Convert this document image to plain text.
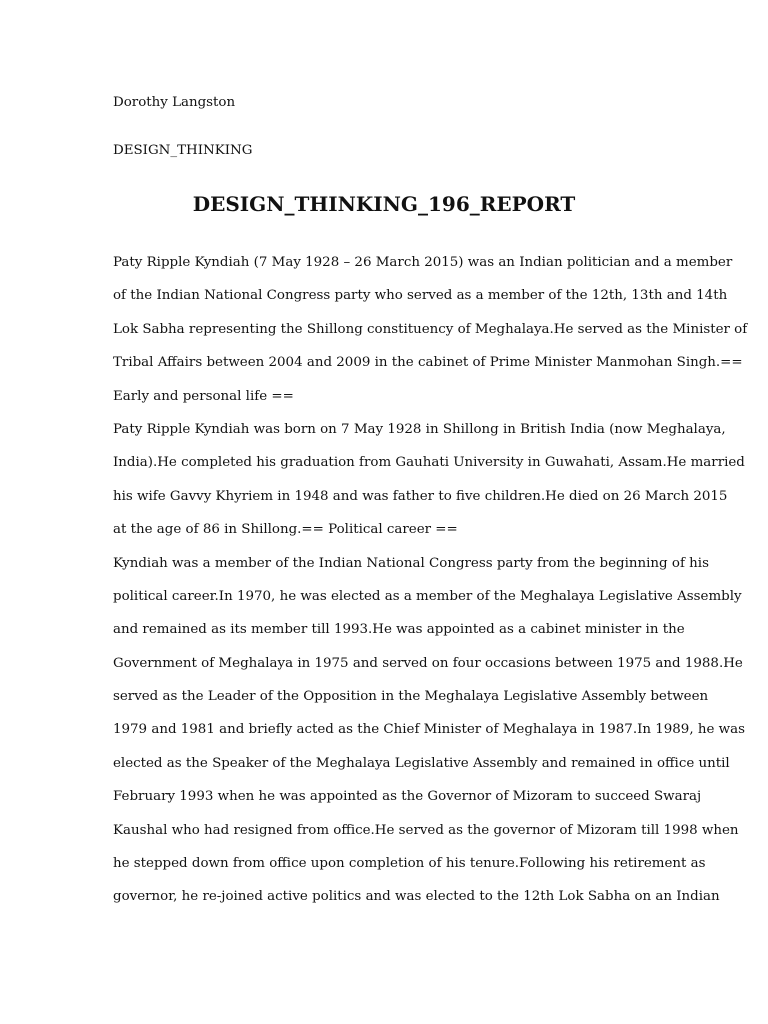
Dorothy Langston

DESIGN_THINKING

DESIGN_THINKING_196_REPORT
Paty Ripple Kyndiah (7 May 1928 – 26 March 2015) was an Indian politician and a member
of the Indian National Congress party who served as a member of the 12th, 13th and 14th
Lok Sabha representing the Shillong constituency of Meghalaya.He served as the Minister of
Tribal Affairs between 2004 and 2009 in the cabinet of Prime Minister Manmohan Singh.==
Early and personal life ==
Paty Ripple Kyndiah was born on 7 May 1928 in Shillong in British India (now Meghalaya,
India).He completed his graduation from Gauhati University in Guwahati, Assam.He married
his wife Gavvy Khyriem in 1948 and was father to five children.He died on 26 March 2015
at the age of 86 in Shillong.== Political career ==
Kyndiah was a member of the Indian National Congress party from the beginning of his
political career.In 1970, he was elected as a member of the Meghalaya Legislative Assembly
and remained as its member till 1993.He was appointed as a cabinet minister in the
Government of Meghalaya in 1975 and served on four occasions between 1975 and 1988.He
served as the Leader of the Opposition in the Meghalaya Legislative Assembly between
1979 and 1981 and briefly acted as the Chief Minister of Meghalaya in 1987.In 1989, he was
elected as the Speaker of the Meghalaya Legislative Assembly and remained in office until
February 1993 when he was appointed as the Governor of Mizoram to succeed Swaraj
Kaushal who had resigned from office.He served as the governor of Mizoram till 1998 when
he stepped down from office upon completion of his tenure.Following his retirement as
governor, he re-joined active politics and was elected to the 12th Lok Sabha on an Indian
